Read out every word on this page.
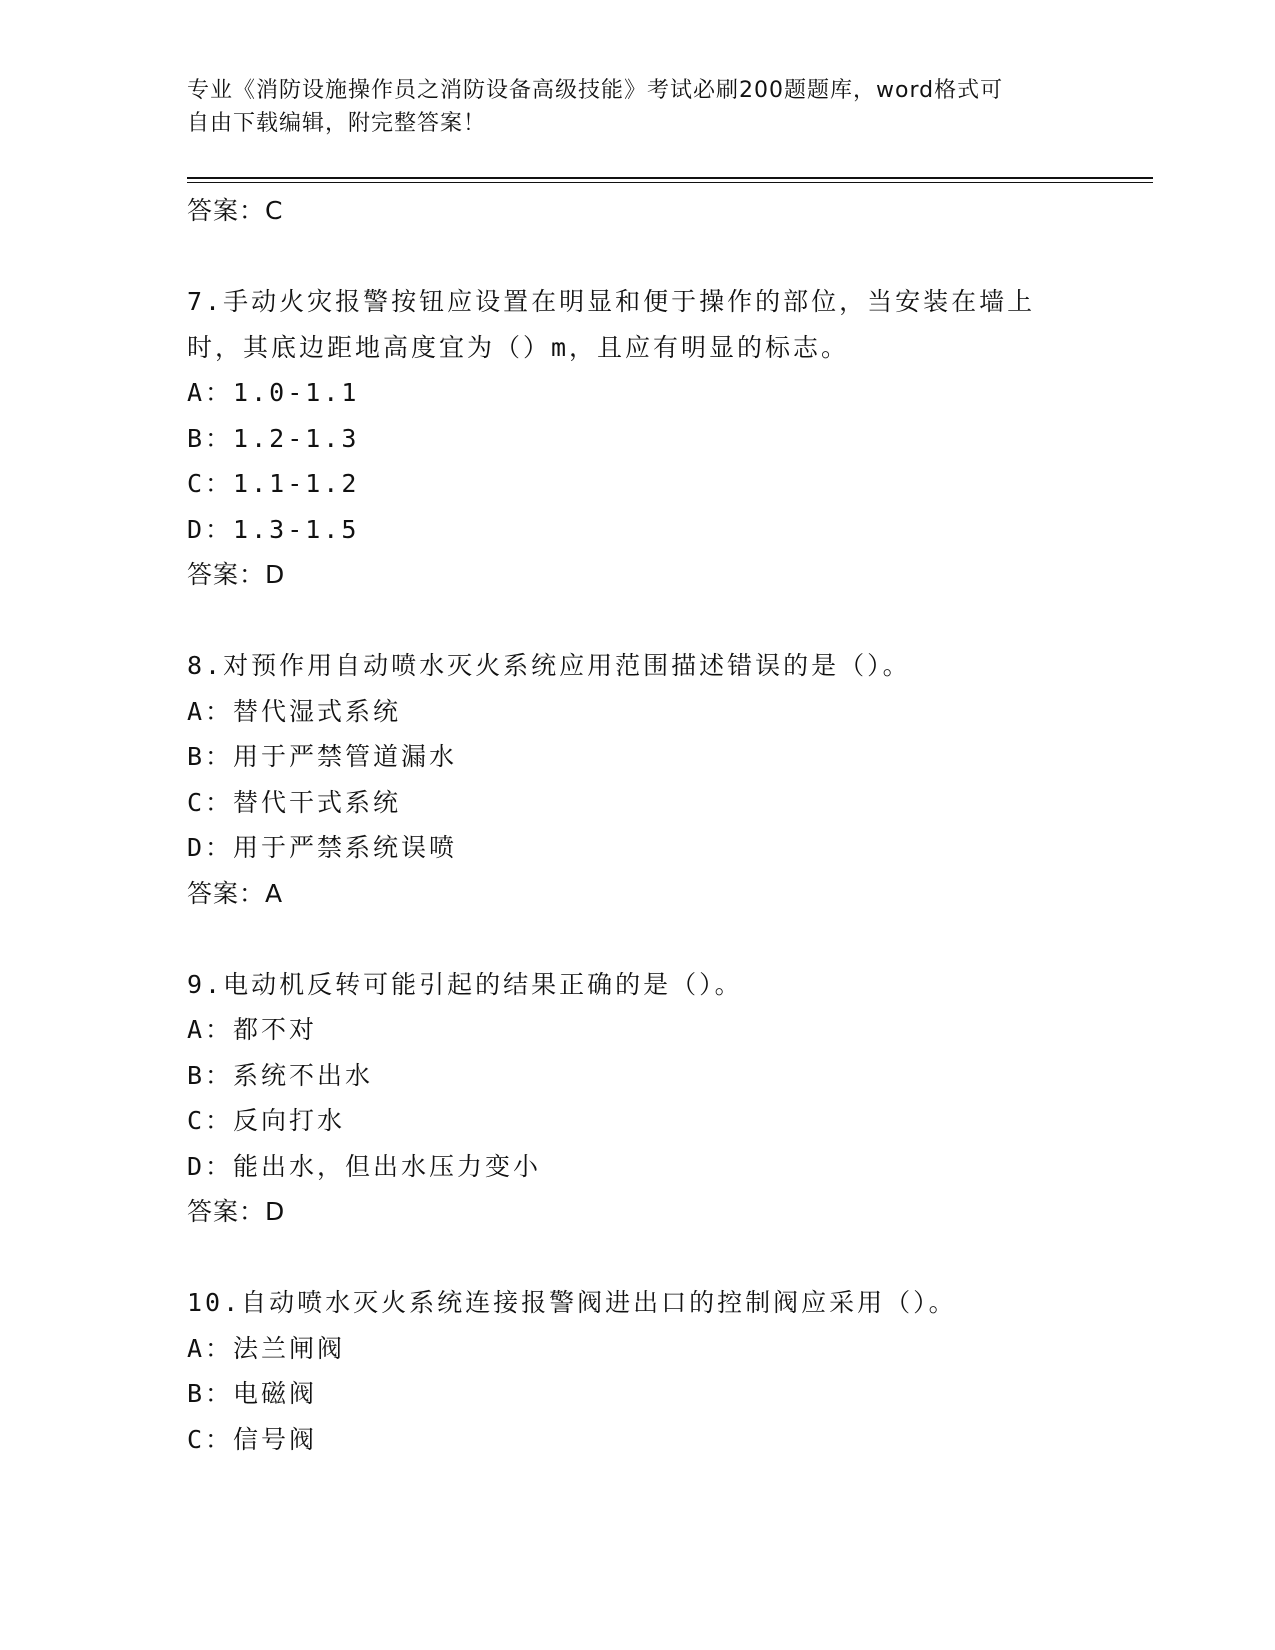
专业《消防设施操作员之消防设备高级技能》考试必刷200题题库，word格式可
自由下载编辑，附完整答案！
答案：C
7.手动火灾报警按钮应设置在明显和便于操作的部位，当安装在墙上
时，其底边距地高度宜为（）m，且应有明显的标志。
A：1.0-1.1
B：1.2-1.3
C：1.1-1.2
D：1.3-1.5
答案：D
8.对预作用自动喷水灭火系统应用范围描述错误的是（）。
A：替代湿式系统
B：用于严禁管道漏水
C：替代干式系统
D：用于严禁系统误喷
答案：A
9.电动机反转可能引起的结果正确的是（）。
A：都不对
B：系统不出水
C：反向打水
D：能出水，但出水压力变小
答案：D
10.自动喷水灭火系统连接报警阀进出口的控制阀应采用（）。
A：法兰闸阀
B：电磁阀
C：信号阀
